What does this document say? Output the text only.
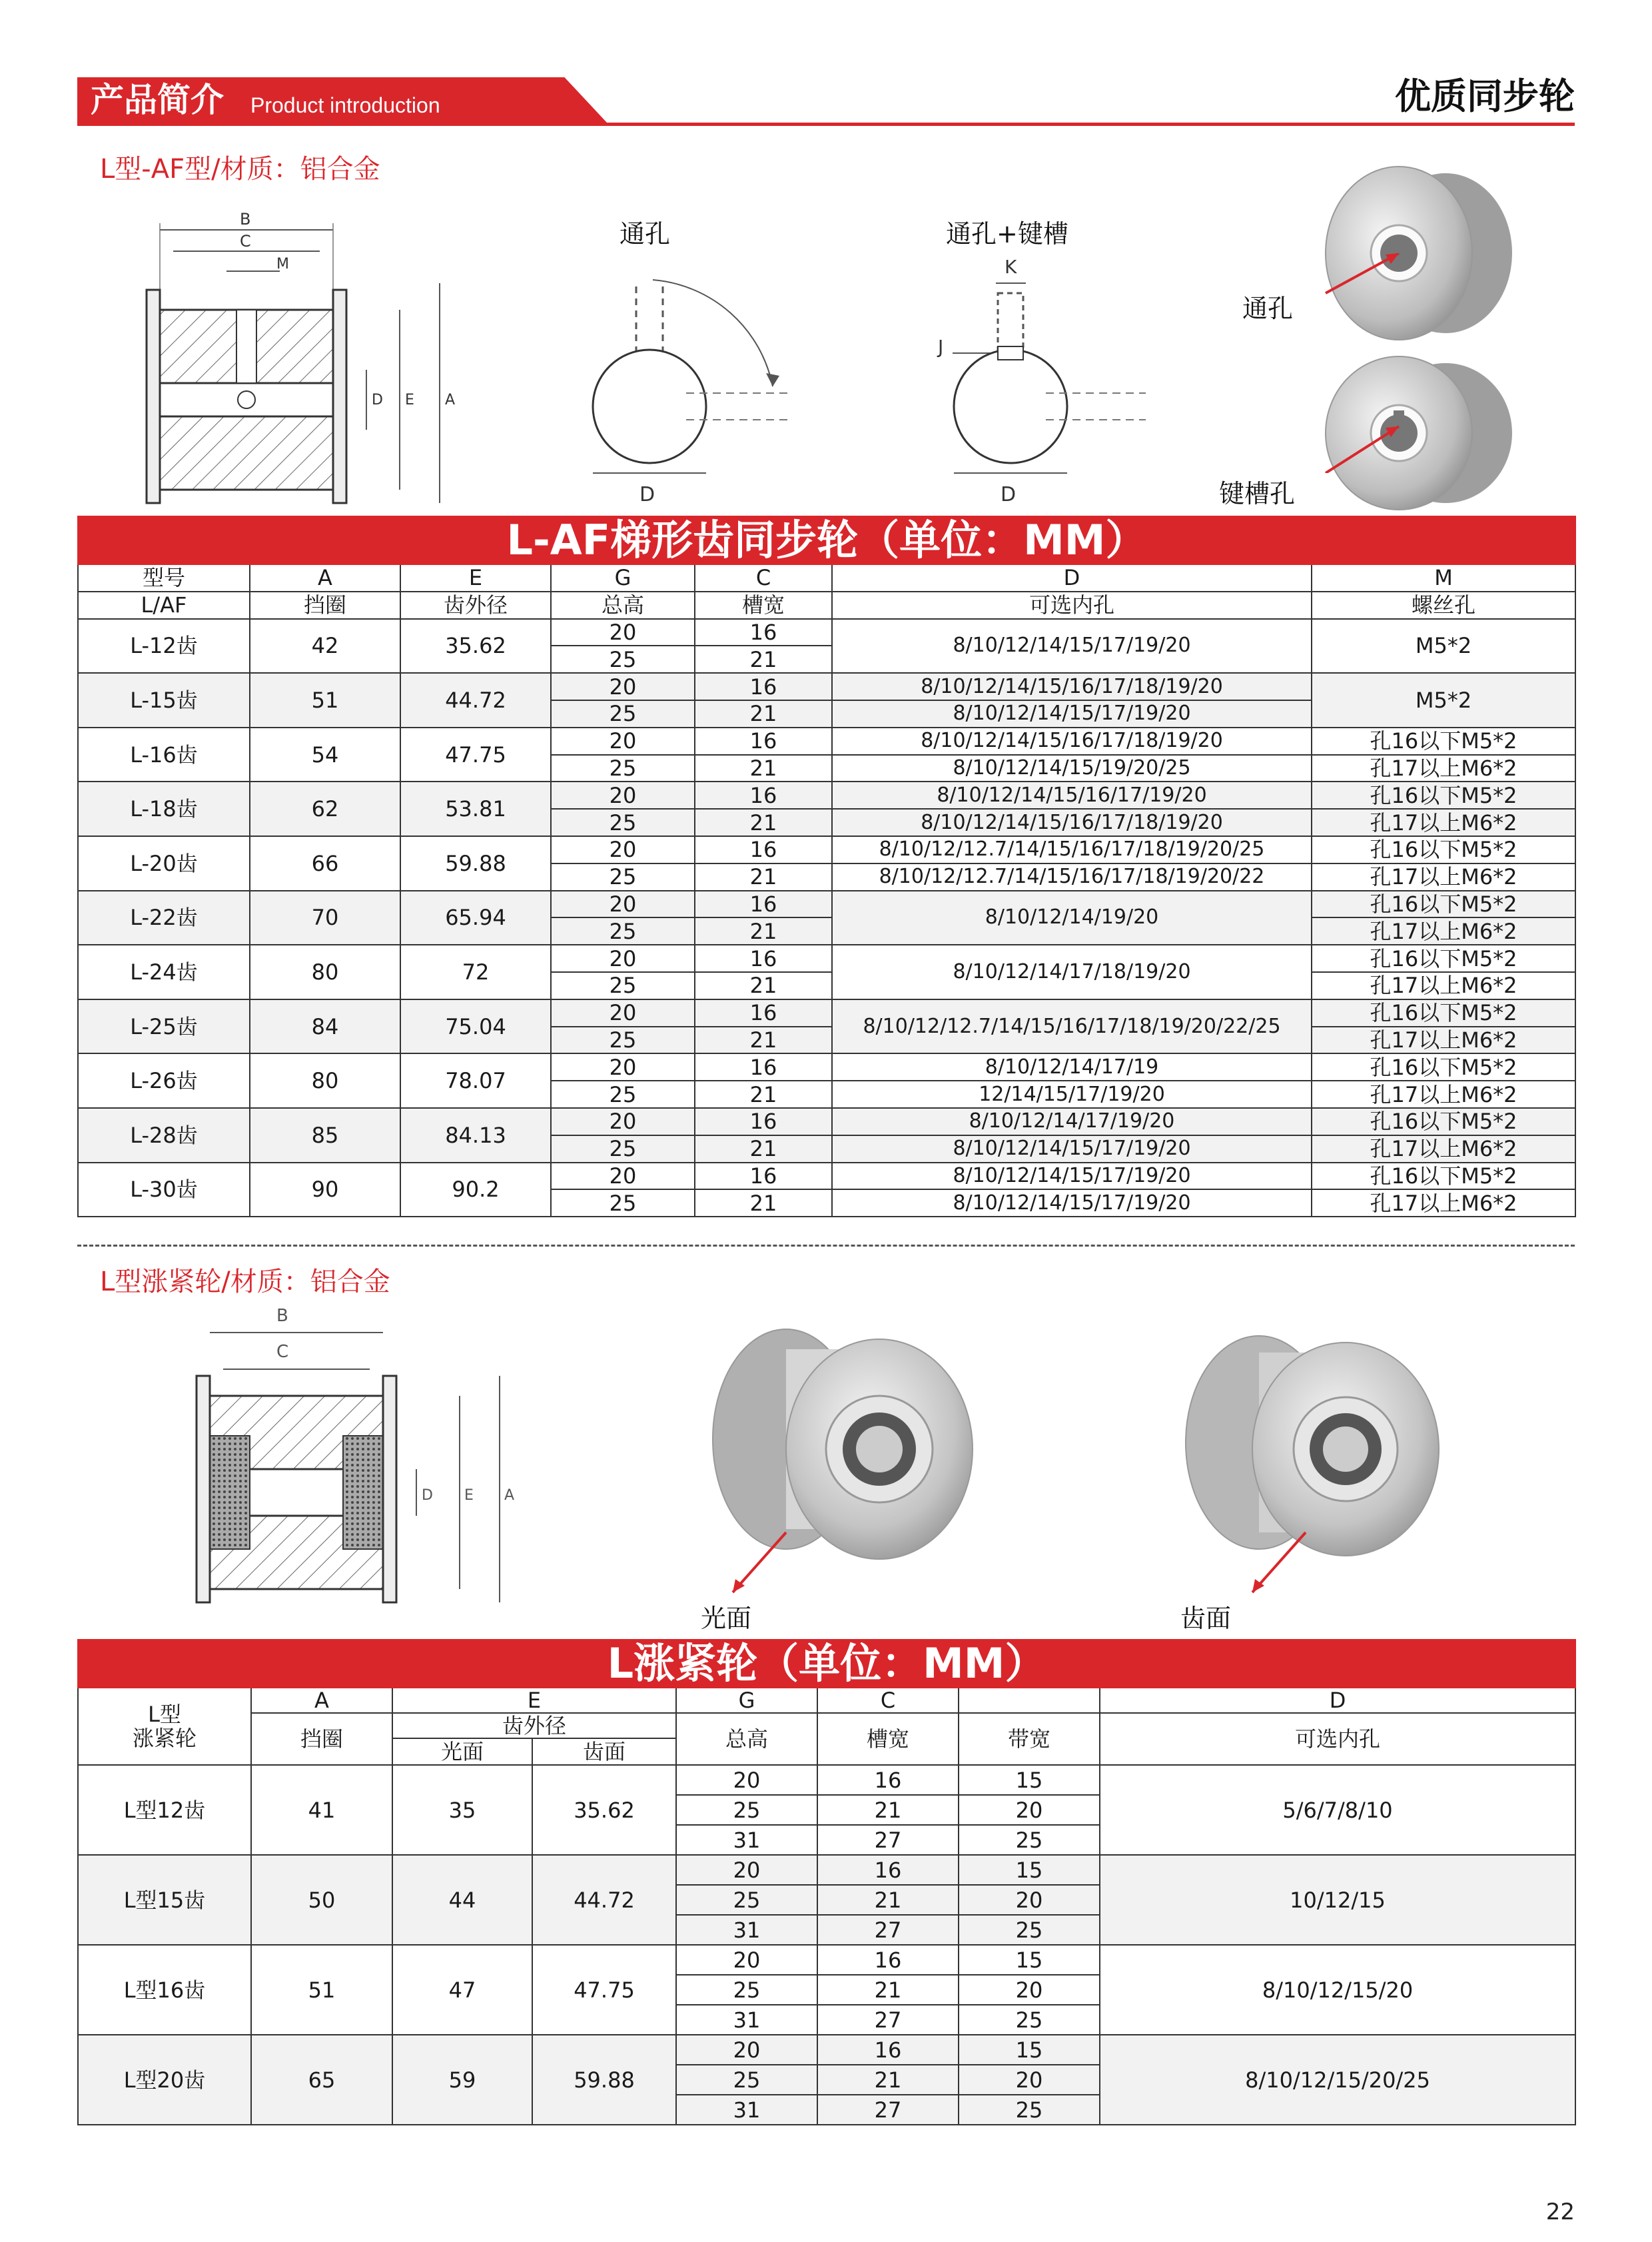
产品简介 Product introduction	优质同步轮
L型-AF型/材质：铝合金
B
C
M
D E A
通孔
D
通孔+键槽
K
J
D
通孔
键槽孔
L-AF梯形齿同步轮（单位：MM）						
型号	A	E	G	C	D	M
L/AF	挡圈	齿外径	总高	槽宽	可选内孔	螺丝孔
L-12齿	42	35.62	20	16	8/10/12/14/15/17/19/20	M5*2
			25	21		
L-15齿	51	44.72	20	16	8/10/12/14/15/16/17/18/19/20	M5*2
			25	21	8/10/12/14/15/17/19/20	
L-16齿	54	47.75	20	16	8/10/12/14/15/16/17/18/19/20	孔16以下M5*2
			25	21	8/10/12/14/15/19/20/25	孔17以上M6*2
L-18齿	62	53.81	20	16	8/10/12/14/15/16/17/19/20	孔16以下M5*2
			25	21	8/10/12/14/15/16/17/18/19/20	孔17以上M6*2
L-20齿	66	59.88	20	16	8/10/12/12.7/14/15/16/17/18/19/20/25	孔16以下M5*2
			25	21	8/10/12/12.7/14/15/16/17/18/19/20/22	孔17以上M6*2
L-22齿	70	65.94	20	16	8/10/12/14/19/20	孔16以下M5*2
			25	21		孔17以上M6*2
L-24齿	80	72	20	16	8/10/12/14/17/18/19/20	孔16以下M5*2
			25	21		孔17以上M6*2
L-25齿	84	75.04	20	16	8/10/12/12.7/14/15/16/17/18/19/20/22/25	孔16以下M5*2
			25	21		孔17以上M6*2
L-26齿	80	78.07	20	16	8/10/12/14/17/19	孔16以下M5*2
			25	21	12/14/15/17/19/20	孔17以上M6*2
L-28齿	85	84.13	20	16	8/10/12/14/17/19/20	孔16以下M5*2
			25	21	8/10/12/14/15/17/19/20	孔17以上M6*2
L-30齿	90	90.2	20	16	8/10/12/14/15/17/19/20	孔16以下M5*2
			25	21	8/10/12/14/15/17/19/20	孔17以上M6*2
L型涨紧轮/材质：铝合金
B
C
D E A
光面	齿面
L涨紧轮（单位：MM）							
L型
涨紧轮	A	E		G	C		D
	挡圈	齿外径		总高	槽宽	带宽	可选内孔
		光面	齿面				
L型12齿	41	35	35.62	20	16	15	5/6/7/8/10
				25	21	20	
				31	27	25	
L型15齿	50	44	44.72	20	16	15	10/12/15
				25	21	20	
				31	27	25	
L型16齿	51	47	47.75	20	16	15	8/10/12/15/20
				25	21	20	
				31	27	25	
L型20齿	65	59	59.88	20	16	15	8/10/12/15/20/25
				25	21	20	
				31	27	25	
22
